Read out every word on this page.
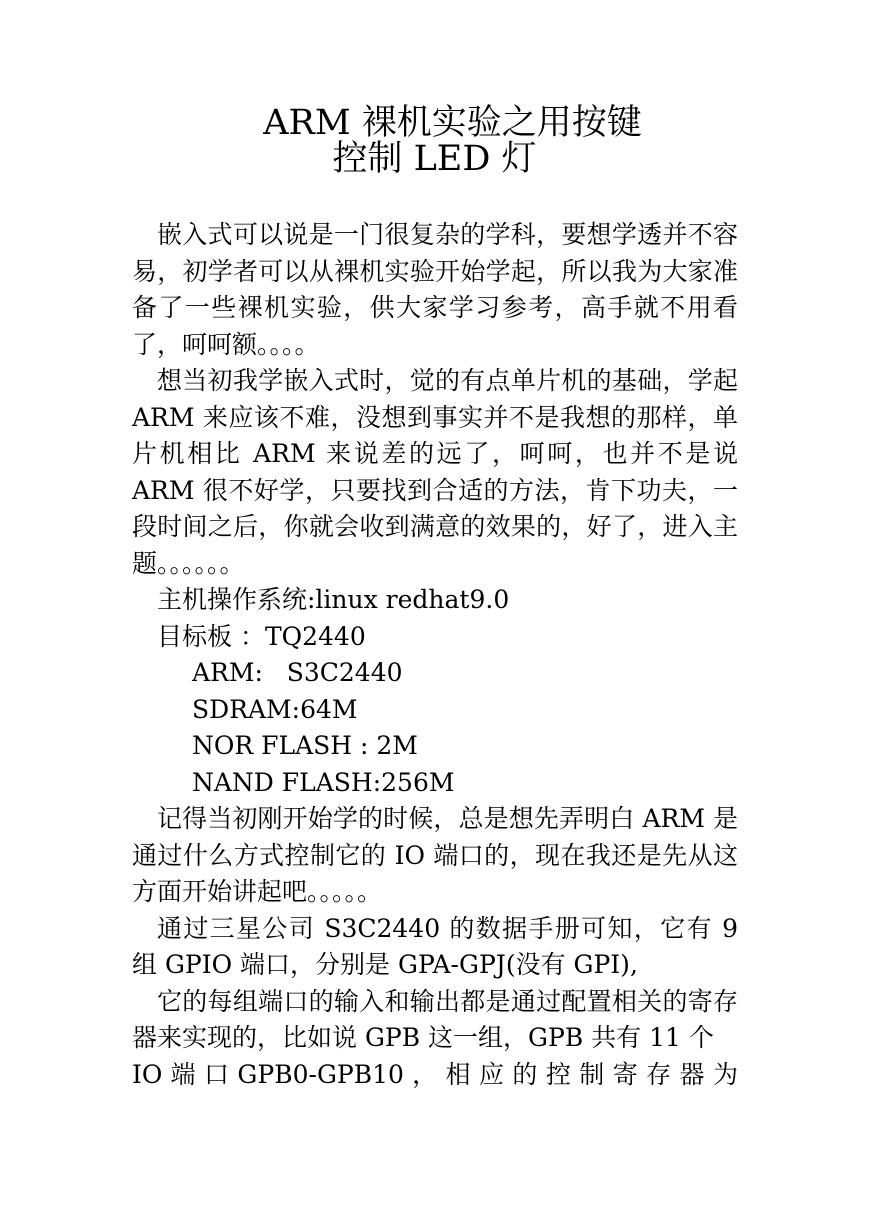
ARM 裸机实验之用按键
控制 LED 灯

嵌入式可以说是一门很复杂的学科，要想学透并不容易，初学者可以从裸机实验开始学起，所以我为大家准备了一些裸机实验，供大家学习参考，高手就不用看了，呵呵额。。。。

想当初我学嵌入式时，觉的有点单片机的基础，学起 ARM 来应该不难，没想到事实并不是我想的那样，单片机相比 ARM 来说差的远了，呵呵，也并不是说 ARM 很不好学，只要找到合适的方法，肯下功夫，一段时间之后，你就会收到满意的效果的，好了，进入主题。。。。。。

主机操作系统:linux redhat9.0

目标板 ：TQ2440

ARM:   S3C2440

SDRAM:64M

NOR FLASH : 2M

NAND FLASH:256M

记得当初刚开始学的时候，总是想先弄明白 ARM 是通过什么方式控制它的 IO 端口的，现在我还是先从这方面开始讲起吧。。。。。

通过三星公司 S3C2440 的数据手册可知，它有 9 组 GPIO 端口，分别是 GPA-GPJ(没有 GPI),

它的每组端口的输入和输出都是通过配置相关的寄存器来实现的，比如说 GPB 这一组，GPB 共有 11 个

IO 端 口 GPB0-GPB10 ， 相 应 的 控 制 寄 存 器 为
